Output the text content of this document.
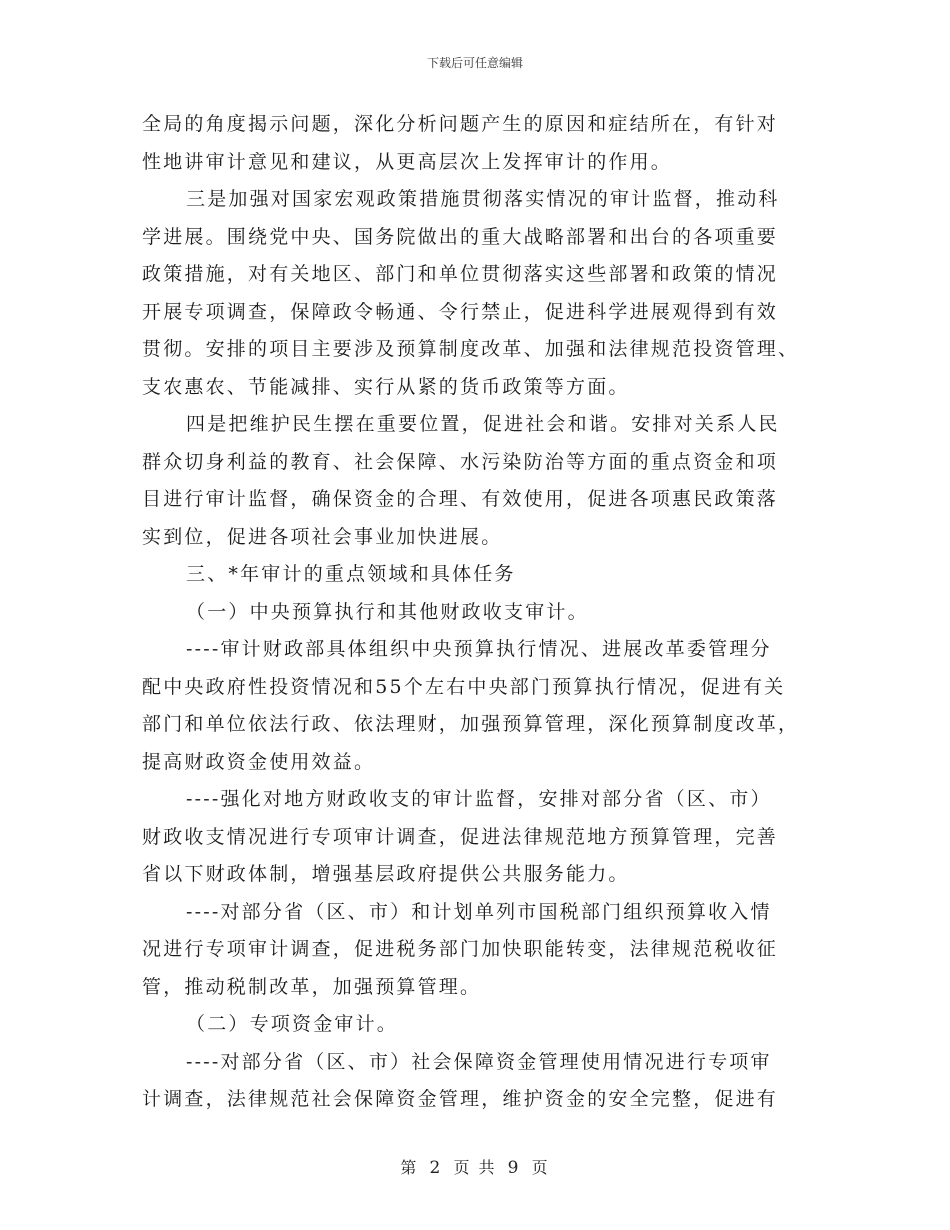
下载后可任意编辑
全局的角度揭示问题，深化分析问题产生的原因和症结所在，有针对
性地讲审计意见和建议，从更高层次上发挥审计的作用。
三是加强对国家宏观政策措施贯彻落实情况的审计监督，推动科
学进展。围绕党中央、国务院做出的重大战略部署和出台的各项重要
政策措施，对有关地区、部门和单位贯彻落实这些部署和政策的情况
开展专项调查，保障政令畅通、令行禁止，促进科学进展观得到有效
贯彻。安排的项目主要涉及预算制度改革、加强和法律规范投资管理、
支农惠农、节能减排、实行从紧的货币政策等方面。
四是把维护民生摆在重要位置，促进社会和谐。安排对关系人民
群众切身利益的教育、社会保障、水污染防治等方面的重点资金和项
目进行审计监督，确保资金的合理、有效使用，促进各项惠民政策落
实到位，促进各项社会事业加快进展。
三、*年审计的重点领域和具体任务
（一）中央预算执行和其他财政收支审计。
----审计财政部具体组织中央预算执行情况、进展改革委管理分
配中央政府性投资情况和55个左右中央部门预算执行情况，促进有关
部门和单位依法行政、依法理财，加强预算管理，深化预算制度改革，
提高财政资金使用效益。
----强化对地方财政收支的审计监督，安排对部分省（区、市）
财政收支情况进行专项审计调查，促进法律规范地方预算管理，完善
省以下财政体制，增强基层政府提供公共服务能力。
----对部分省（区、市）和计划单列市国税部门组织预算收入情
况进行专项审计调查，促进税务部门加快职能转变，法律规范税收征
管，推动税制改革，加强预算管理。
（二）专项资金审计。
----对部分省（区、市）社会保障资金管理使用情况进行专项审
计调查，法律规范社会保障资金管理，维护资金的安全完整，促进有
第 2 页 共 9 页
